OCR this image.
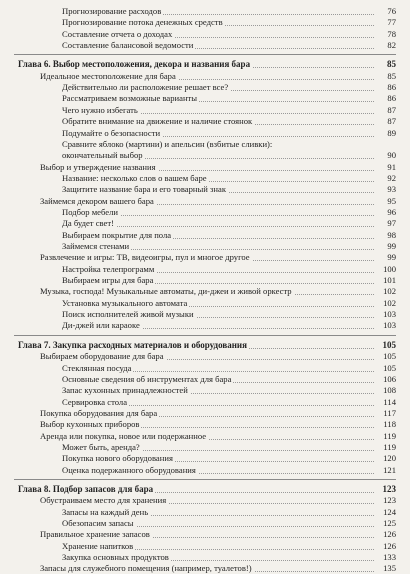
Прогнозирование расходов	76
Прогнозирование потока денежных средств	77
Составление отчета о доходах	78
Составление балансовой ведомости	82
Глава 6. Выбор местоположения, декора и названия бара	85
Идеальное местоположение для бара	85
Действительно ли расположение решает все?	86
Рассматриваем возможные варианты	86
Чего нужно избегать	87
Обратите внимание на движение и наличие стоянок	87
Подумайте о безопасности	89
Сравните яблоко (мартини) и апельсин (взбитые сливки):
окончательный выбор	90
Выбор и утверждение названия	91
Название: несколько слов о вашем баре	92
Защитите название бара и его товарный знак	93
Займемся декором вашего бара	95
Подбор мебели	96
Да будет свет!	97
Выбираем покрытие для пола	98
Займемся стенами	99
Развлечение и игры: ТВ, видеоигры, пул и многое другое	99
Настройка телепрограмм	100
Выбираем игры для бара	101
Музыка, господа! Музыкальные автоматы, ди-джеи и живой оркестр	102
Установка музыкального автомата	102
Поиск исполнителей живой музыки	103
Ди-джей или караоке	103
Глава 7. Закупка расходных материалов и оборудования	105
Выбираем оборудование для бара	105
Стеклянная посуда	105
Основные сведения об инструментах для бара	106
Запас кухонных принадлежностей	108
Сервировка стола	114
Покупка оборудования для бара	117
Выбор кухонных приборов	118
Аренда или покупка, новое или подержанное	119
Может быть, аренда?	119
Покупка нового оборудования	120
Оценка подержанного оборудования	121
Глава 8. Подбор запасов для бара	123
Обустраиваем место для хранения	123
Запасы на каждый день	124
Обезопасим запасы	125
Правильное хранение запасов	126
Хранение напитков	126
Закупка основных продуктов	133
Запасы для служебного помещения (например, туалетов!)	135
